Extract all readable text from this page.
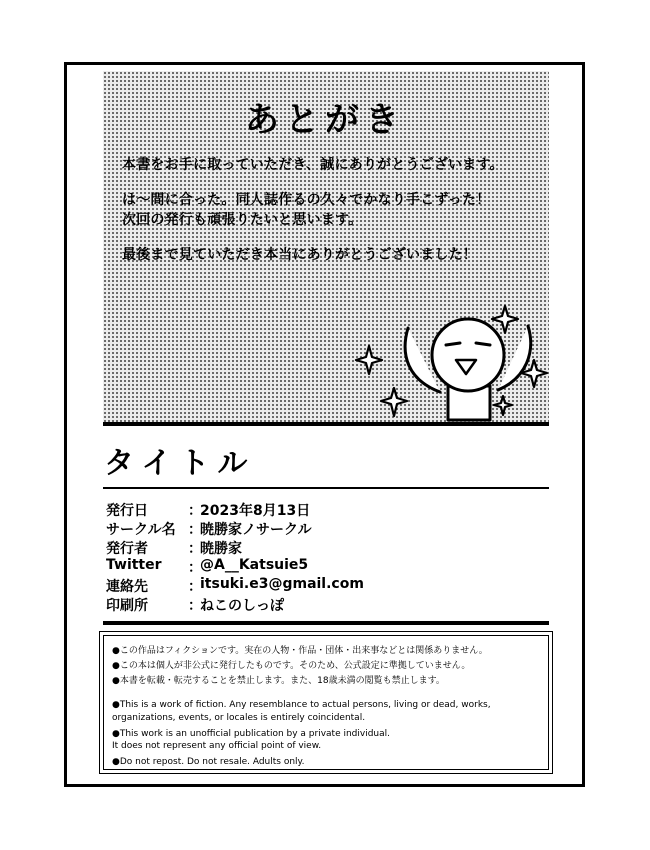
あとがき
本書をお手に取っていただき、誠にありがとうございます。
は〜間に合った。同人誌作るの久々でかなり手こずった！
次回の発行も頑張りたいと思います。
最後まで見ていただき本当にありがとうございました！
タイトル
発行日	：
2023年8月13日
サークル名 ：
暁勝家ノサークル
発行者	：
暁勝家
Twitter ：
@A__Katsuie5
連絡先	：
itsuki.e3@gmail.com
印刷所	：
ねこのしっぽ
●この作品はフィクションです。実在の人物・作品・団体・出来事などとは関係ありません。
●この本は個人が非公式に発行したものです。そのため、公式設定に準拠していません。
●本書を転載・転売することを禁止します。また、18歳未満の閲覧も禁止します。
●This is a work of fiction. Any resemblance to actual persons, living or dead, works,
organizations, events, or locales is entirely coincidental.
●This work is an unofficial publication by a private individual.
It does not represent any official point of view.
●Do not repost. Do not resale. Adults only.
